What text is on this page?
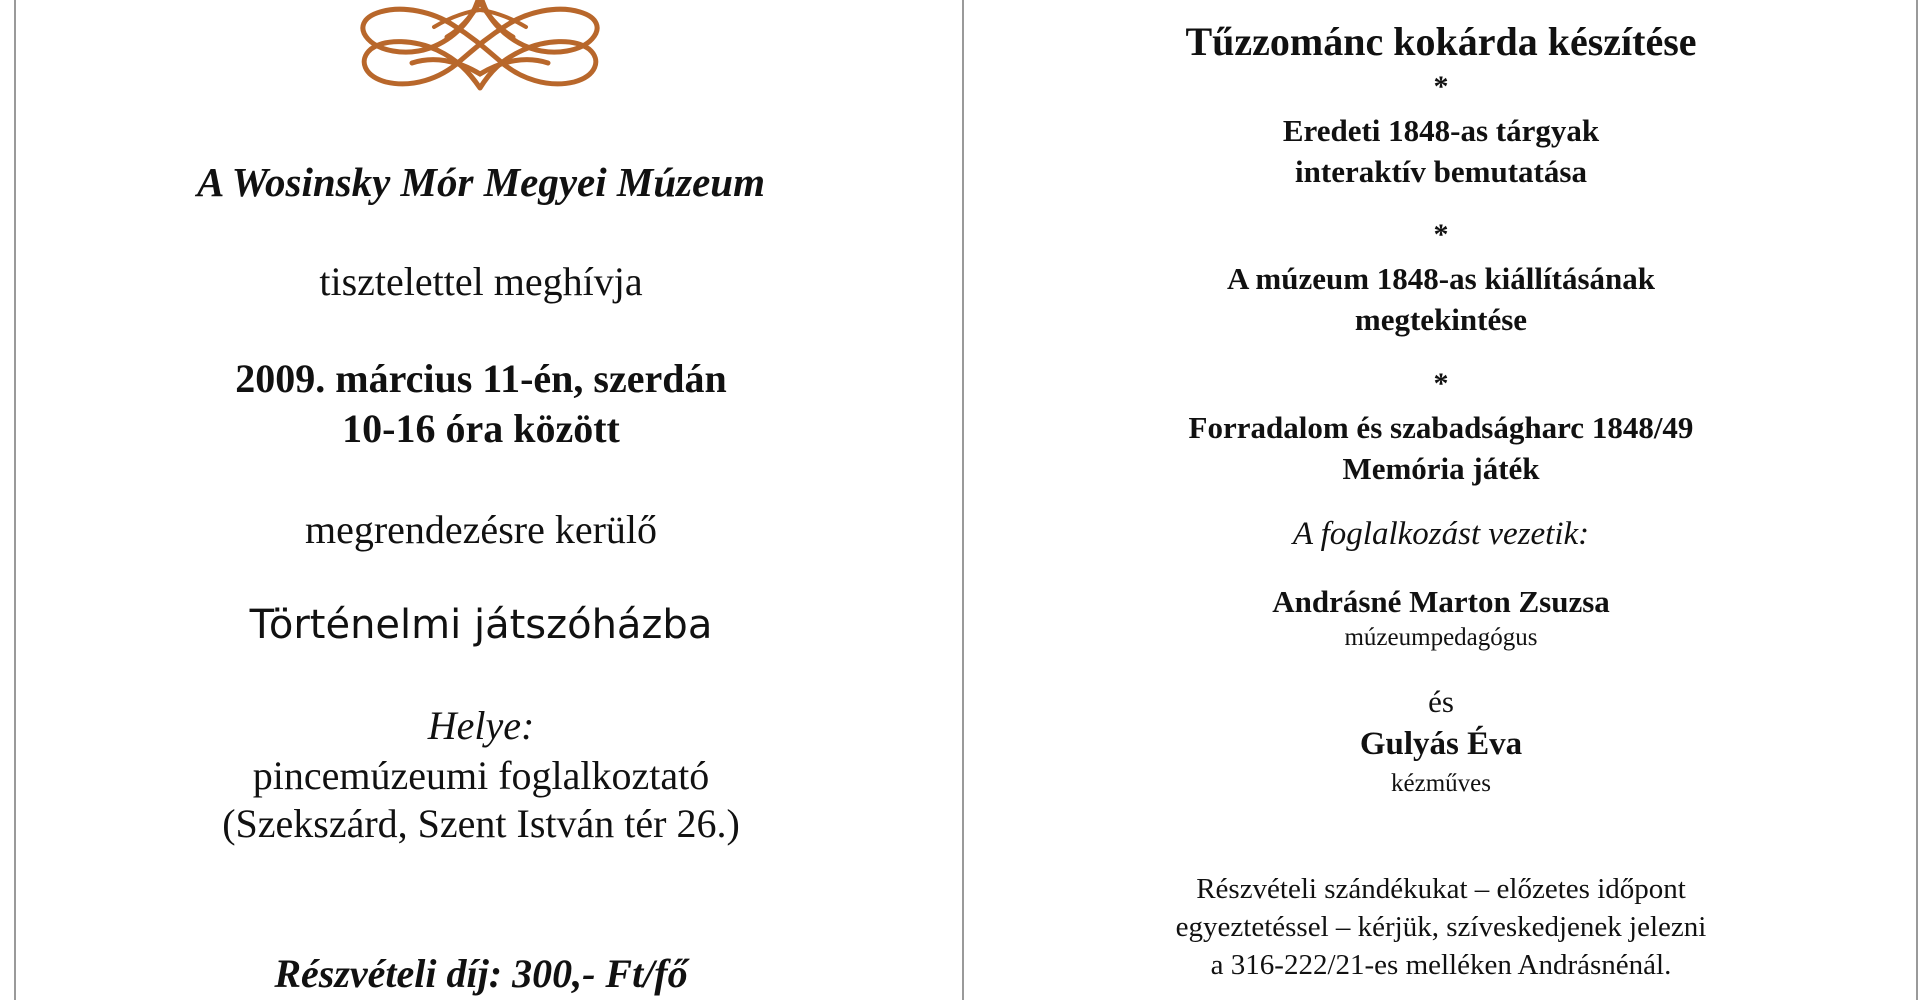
A Wosinsky Mór Megyei Múzeum
tisztelettel meghívja
2009. március 11-én, szerdán
10-16 óra között
megrendezésre kerülő
Történelmi játszóházba
Helye:
pincemúzeumi foglalkoztató
(Szekszárd, Szent István tér 26.)
Részvételi díj: 300,- Ft/fő
Tűzzománc kokárda készítése
*
Eredeti 1848-as tárgyak
interaktív bemutatása
*
A múzeum 1848-as kiállításának
megtekintése
*
Forradalom és szabadságharc 1848/49
Memória játék
A foglalkozást vezetik:
Andrásné Marton Zsuzsa
múzeumpedagógus
és
Gulyás Éva
kézműves
Részvételi szándékukat – előzetes időpont
egyeztetéssel – kérjük, szíveskedjenek jelezni
a 316-222/21-es melléken Andrásnénál.
